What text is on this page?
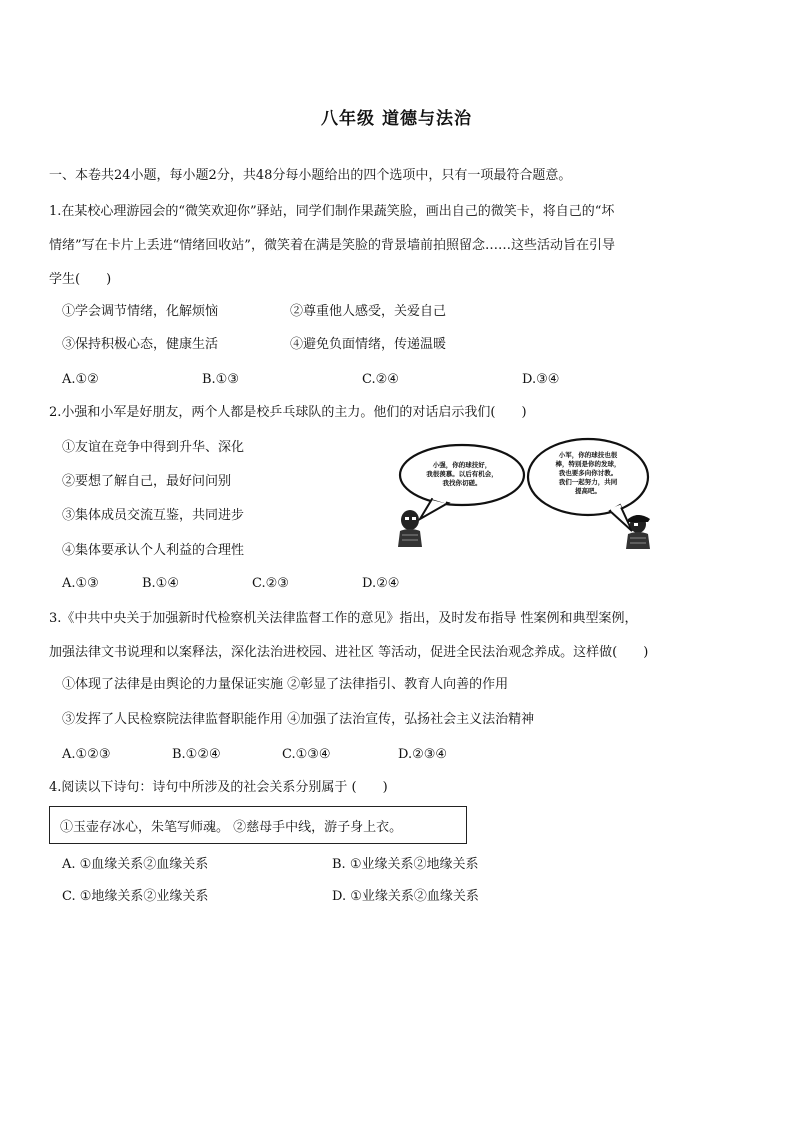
八年级 道德与法治
一、本卷共24小题，每小题2分，共48分每小题给出的四个选项中，只有一项最符合题意。
1.在某校心理游园会的“微笑欢迎你”驿站，同学们制作果蔬笑脸，画出自己的微笑卡，将自己的“坏
情绪”写在卡片上丢进“情绪回收站”，微笑着在满是笑脸的背景墙前拍照留念……这些活动旨在引导
学生(　　)
①学会调节情绪，化解烦恼	②尊重他人感受，关爱自己
③保持积极心态，健康生活	④避免负面情绪，传递温暖
A.①②	B.①③	C.②④	D.③④
2.小强和小军是好朋友，两个人都是校乒乓球队的主力。他们的对话启示我们(　　)
①友谊在竞争中得到升华、深化
②要想了解自己，最好问问别
③集体成员交流互鉴，共同进步
④集体要承认个人利益的合理性
小强，你的球技好，我很羡慕。以后有机会，我找你切磋。
小军，你的球技也很棒，特别是你的发球，我也要多向你讨教。我们一起努力，共同提高吧。
A.①③	B.①④	C.②③	D.②④
3.《中共中央关于加强新时代检察机关法律监督工作的意见》指出，及时发布指导 性案例和典型案例，
加强法律文书说理和以案释法，深化法治进校园、进社区 等活动，促进全民法治观念养成。这样做(　　)
①体现了法律是由舆论的力量保证实施 ②彰显了法律指引、教育人向善的作用
③发挥了人民检察院法律监督职能作用 ④加强了法治宣传，弘扬社会主义法治精神
A.①②③	B.①②④	C.①③④	D.②③④
4.阅读以下诗句：诗句中所涉及的社会关系分别属于 (　　)
①玉壶存冰心，朱笔写师魂。 ②慈母手中线，游子身上衣。
A. ①血缘关系②血缘关系	B. ①业缘关系②地缘关系
C. ①地缘关系②业缘关系	D. ①业缘关系②血缘关系
